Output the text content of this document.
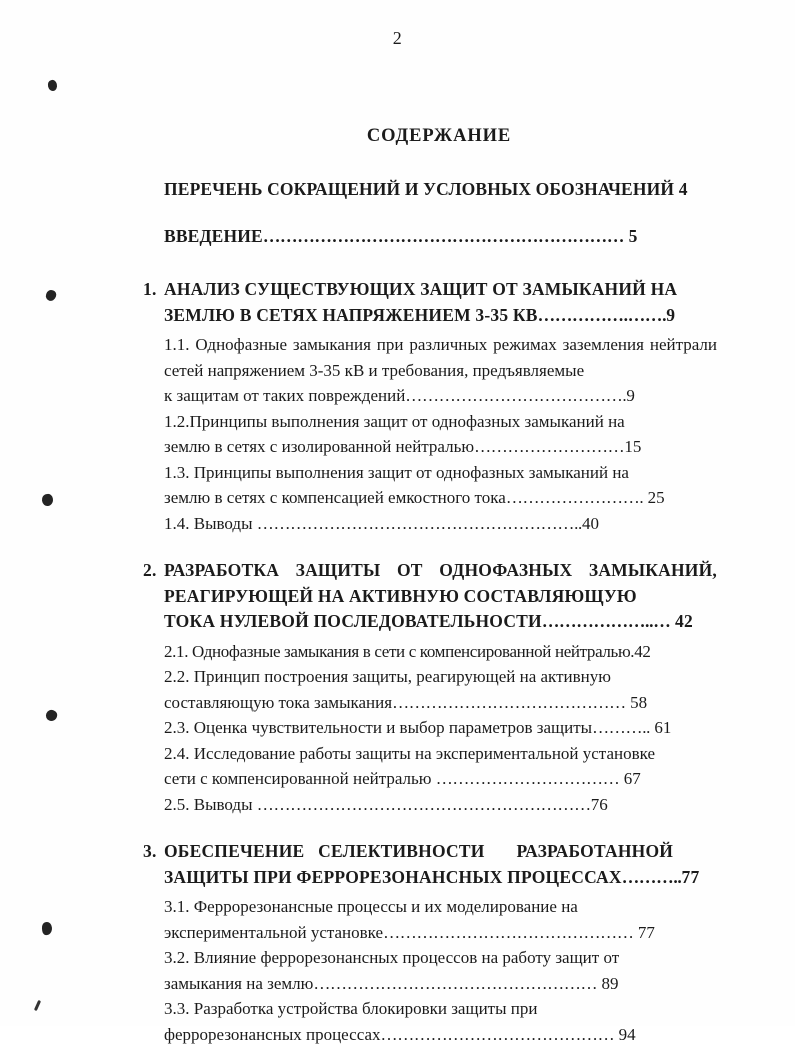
2
СОДЕРЖАНИЕ
ПЕРЕЧЕНЬ СОКРАЩЕНИЙ И УСЛОВНЫХ ОБОЗНАЧЕНИЙ 4
ВВЕДЕНИЕ……………………………………………………… 5
1. АНАЛИЗ СУЩЕСТВУЮЩИХ ЗАЩИТ ОТ ЗАМЫКАНИЙ НА
ЗЕМЛЮ В СЕТЯХ НАПРЯЖЕНИЕМ 3-35 КВ…………….…….9
1.1. Однофазные замыкания при различных режимах заземления нейтрали сетей напряжением 3-35 кВ и требования, предъявляемые
к защитам от таких повреждений………………………………….9
1.2.Принципы выполнения защит от однофазных замыканий на
землю в сетях с изолированной нейтралью………………………15
1.3. Принципы выполнения защит от однофазных замыканий на
землю в сетях с компенсацией емкостного тока……………………. 25
1.4. Выводы …………………………………………………..40
2. РАЗРАБОТКА ЗАЩИТЫ ОТ ОДНОФАЗНЫХ ЗАМЫКАНИЙ, РЕАГИРУЮЩЕЙ НА АКТИВНУЮ СОСТАВЛЯЮЩУЮ
ТОКА НУЛЕВОЙ ПОСЛЕДОВАТЕЛЬНОСТИ………………..… 42
2.1. Однофазные замыкания в сети с компенсированной нейтралью.42
2.2. Принцип построения защиты, реагирующей на активную
составляющую тока замыкания…………………………………… 58
2.3. Оценка чувствительности и выбор параметров защиты……….. 61
2.4. Исследование работы защиты на экспериментальной установке
сети с компенсированной нейтралью …………………………… 67
2.5. Выводы ……………………………………………………76
3. ОБЕСПЕЧЕНИЕ   СЕЛЕКТИВНОСТИ       РАЗРАБОТАННОЙ
ЗАЩИТЫ ПРИ ФЕРРОРЕЗОНАНСНЫХ ПРОЦЕССАХ………..77
3.1. Феррорезонансные процессы и их моделирование на
экспериментальной установке……………………………………… 77
3.2. Влияние феррорезонансных процессов на работу защит от
замыкания на землю…………………………………………… 89
3.3. Разработка устройства блокировки защиты при
феррорезонансных процессах…………………………………… 94
